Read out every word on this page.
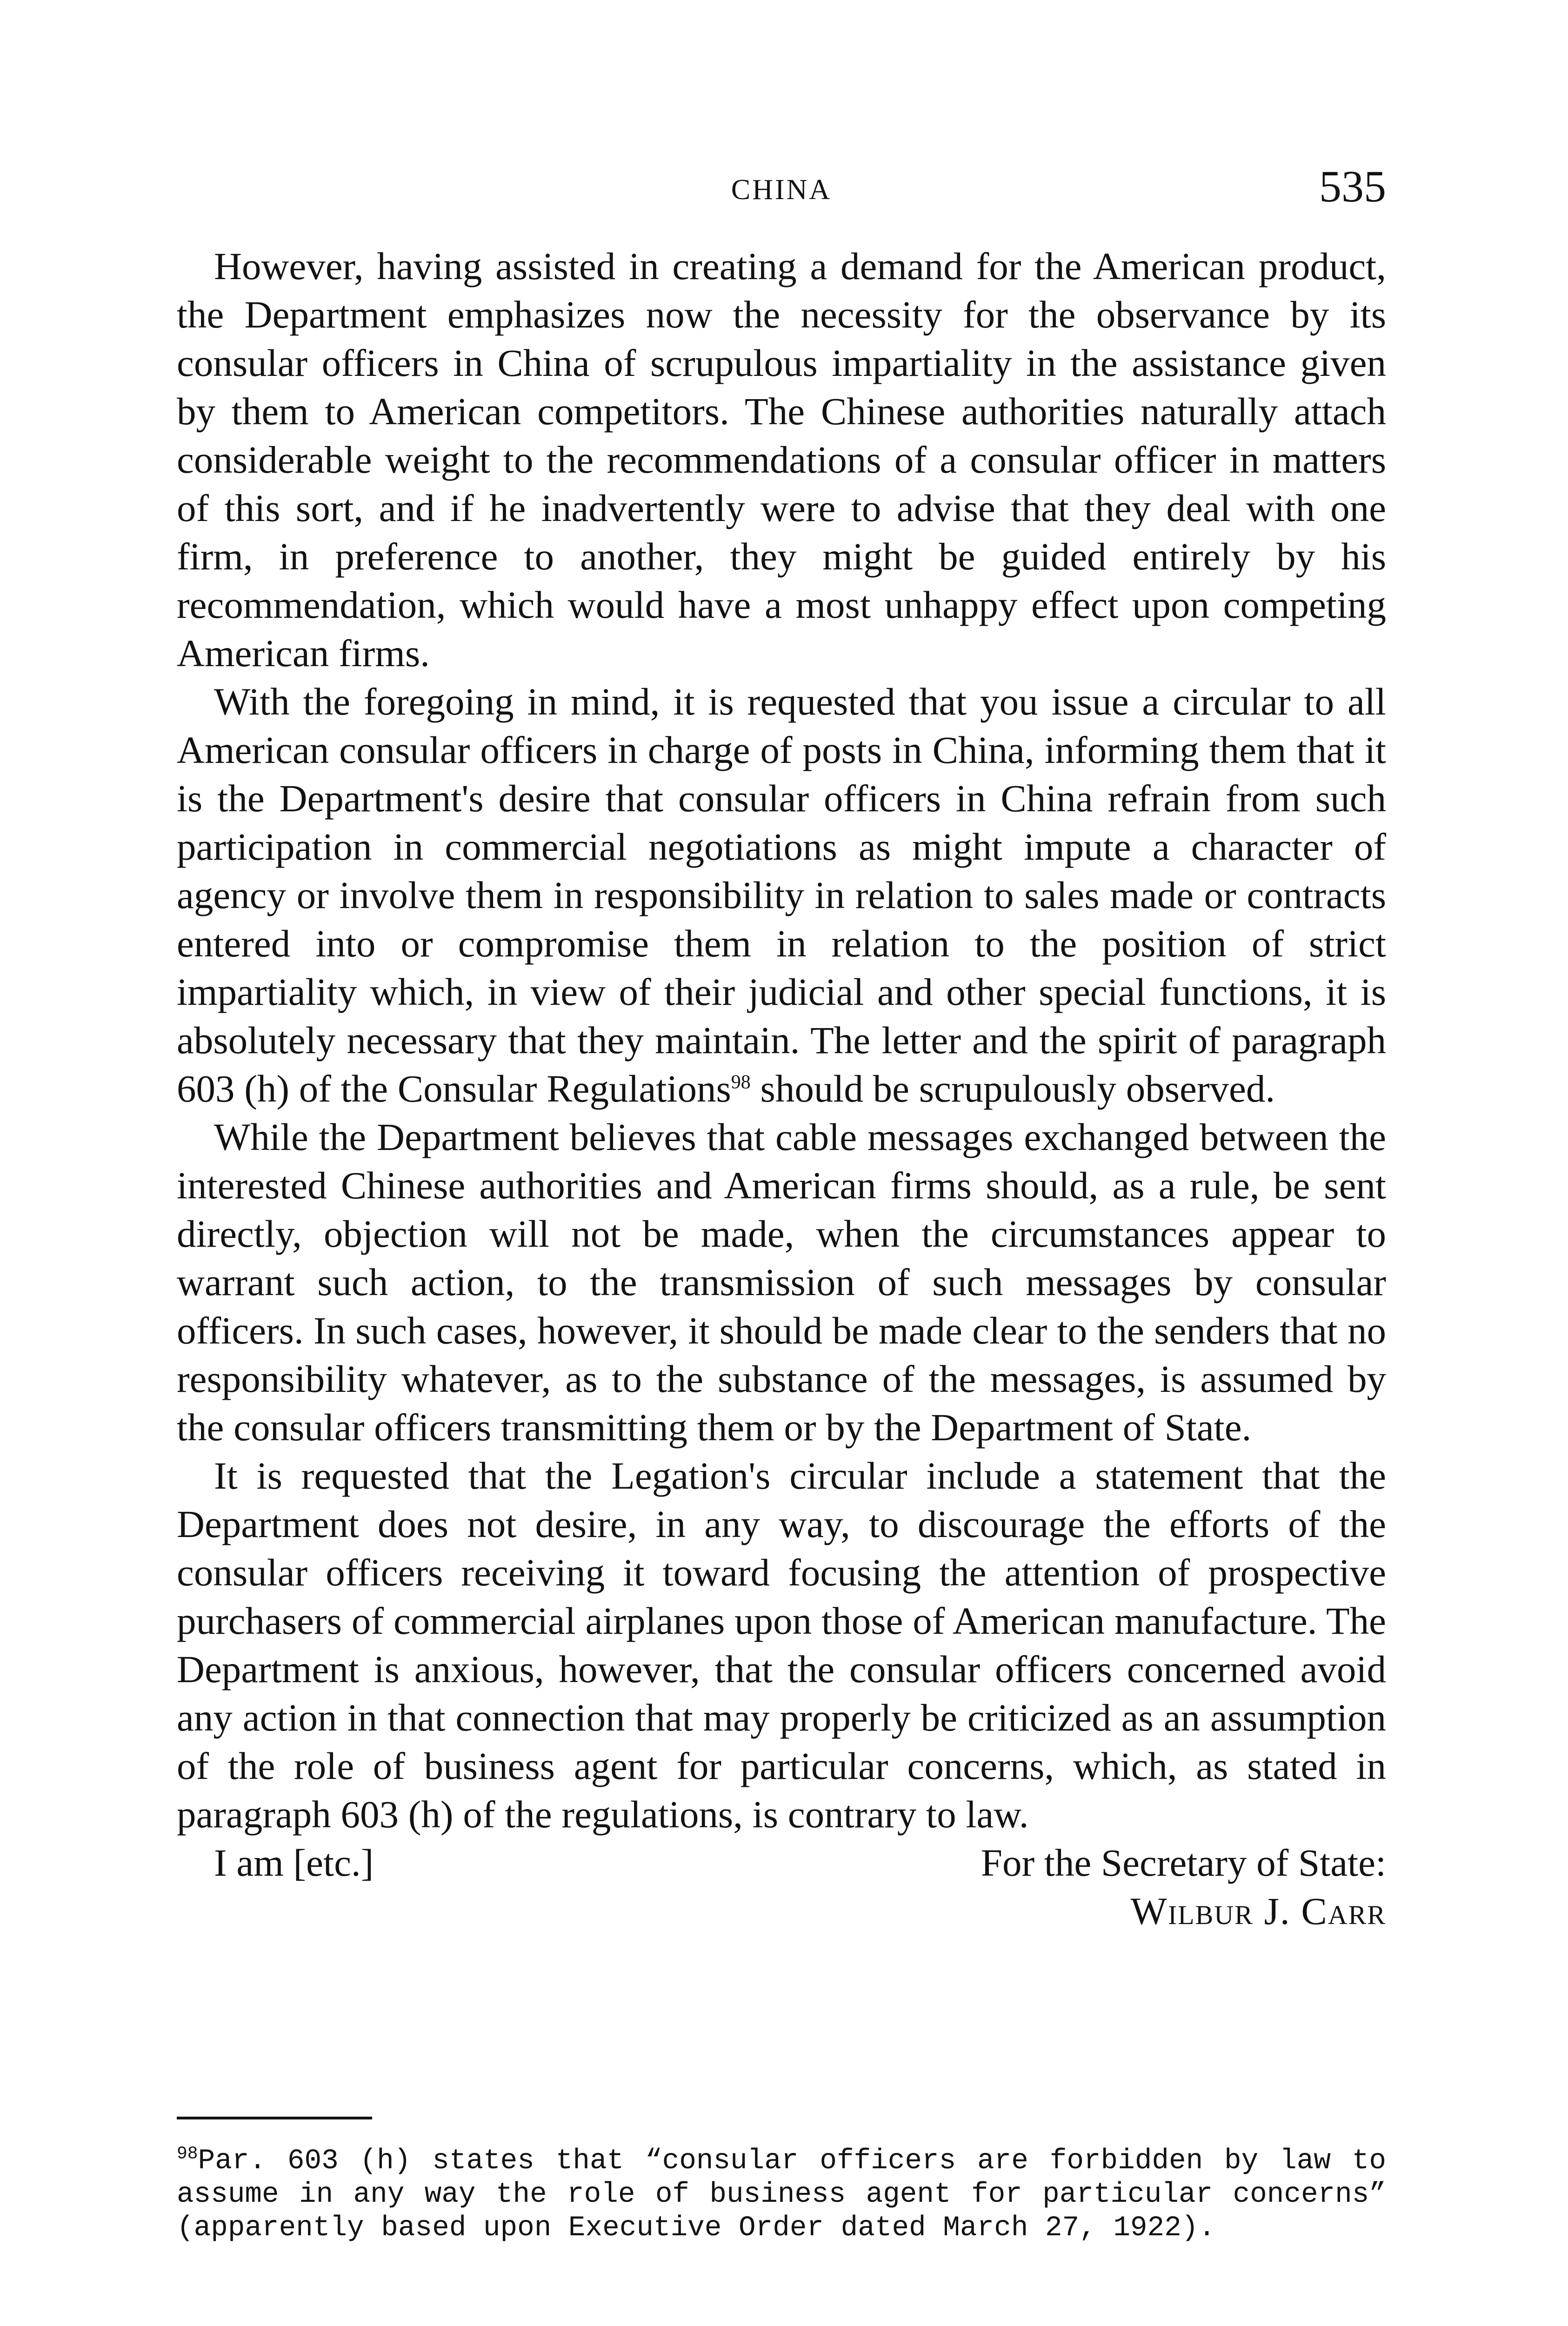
CHINA	535

However, having assisted in creating a demand for the American product, the Department emphasizes now the necessity for the observance by its consular officers in China of scrupulous impartiality in the assistance given by them to American competitors. The Chinese authorities naturally attach considerable weight to the recommendations of a consular officer in matters of this sort, and if he inadvertently were to advise that they deal with one firm, in preference to another, they might be guided entirely by his recommendation, which would have a most unhappy effect upon competing American firms.

With the foregoing in mind, it is requested that you issue a circular to all American consular officers in charge of posts in China, informing them that it is the Department's desire that consular officers in China refrain from such participation in commercial negotiations as might impute a character of agency or involve them in responsibility in relation to sales made or contracts entered into or compromise them in relation to the position of strict impartiality which, in view of their judicial and other special functions, it is absolutely necessary that they maintain. The letter and the spirit of paragraph 603 (h) of the Consular Regulations$^{98}$ should be scrupulously observed.

While the Department believes that cable messages exchanged between the interested Chinese authorities and American firms should, as a rule, be sent directly, objection will not be made, when the circumstances appear to warrant such action, to the transmission of such messages by consular officers. In such cases, however, it should be made clear to the senders that no responsibility whatever, as to the substance of the messages, is assumed by the consular officers transmitting them or by the Department of State.

It is requested that the Legation's circular include a statement that the Department does not desire, in any way, to discourage the efforts of the consular officers receiving it toward focusing the attention of prospective purchasers of commercial airplanes upon those of American manufacture. The Department is anxious, however, that the consular officers concerned avoid any action in that connection that may properly be criticized as an assumption of the role of business agent for particular concerns, which, as stated in paragraph 603 (h) of the regulations, is contrary to law.

I am [etc.]	For the Secretary of State:
Wilbur J. Carr
$^{98}$Par. 603 (h) states that “consular officers are forbidden by law to assume in any way the role of business agent for particular concerns” (apparently based upon Executive Order dated March 27, 1922).
